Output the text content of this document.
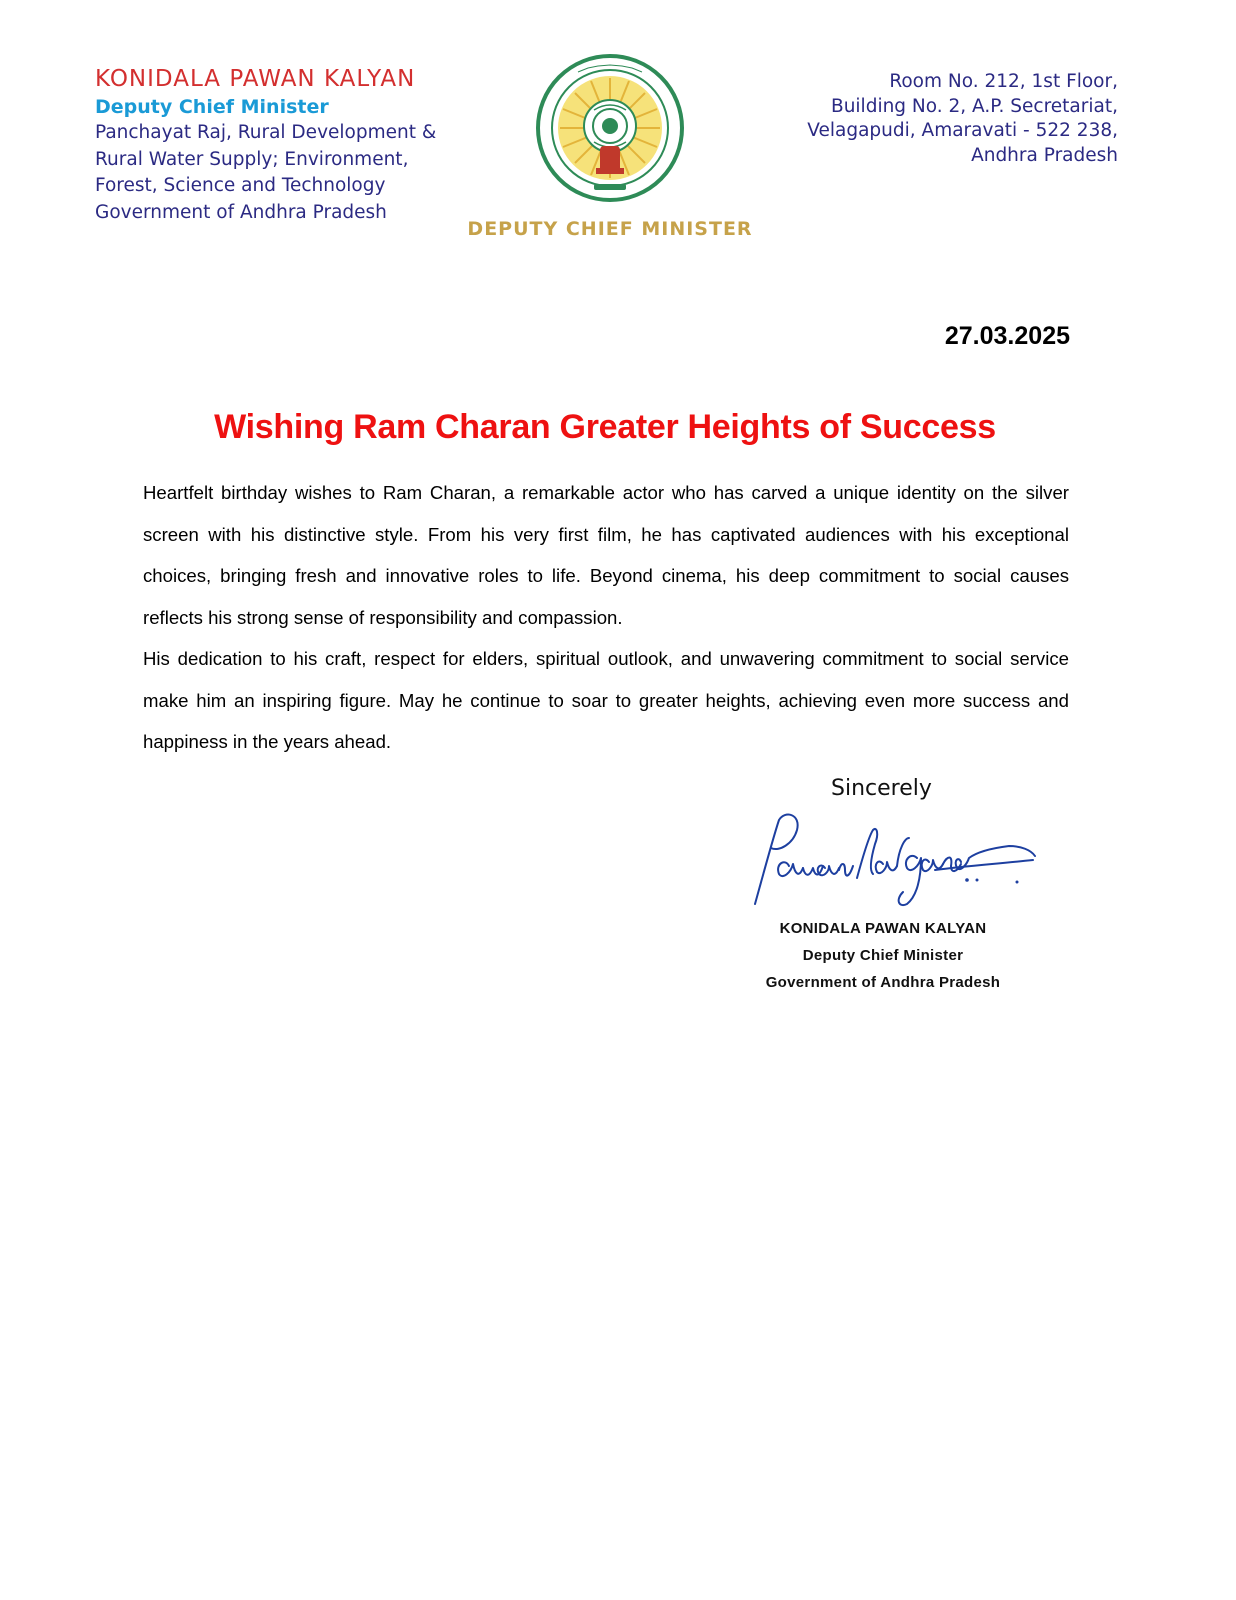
KONIDALA PAWAN KALYAN
Deputy Chief Minister
Panchayat Raj, Rural Development &
Rural Water Supply; Environment,
Forest, Science and Technology
Government of Andhra Pradesh
DEPUTY CHIEF MINISTER
Room No. 212, 1st Floor,
Building No. 2, A.P. Secretariat,
Velagapudi, Amaravati - 522 238,
Andhra Pradesh
27.03.2025
Wishing Ram Charan Greater Heights of Success

Heartfelt birthday wishes to Ram Charan, a remarkable actor who has carved a unique identity on the silver screen with his distinctive style. From his very first film, he has captivated audiences with his exceptional choices, bringing fresh and innovative roles to life. Beyond cinema, his deep commitment to social causes reflects his strong sense of responsibility and compassion.

His dedication to his craft, respect for elders, spiritual outlook, and unwavering commitment to social service make him an inspiring figure. May he continue to soar to greater heights, achieving even more success and happiness in the years ahead.

Sincerely
KONIDALA PAWAN KALYAN
Deputy Chief Minister
Government of Andhra Pradesh
